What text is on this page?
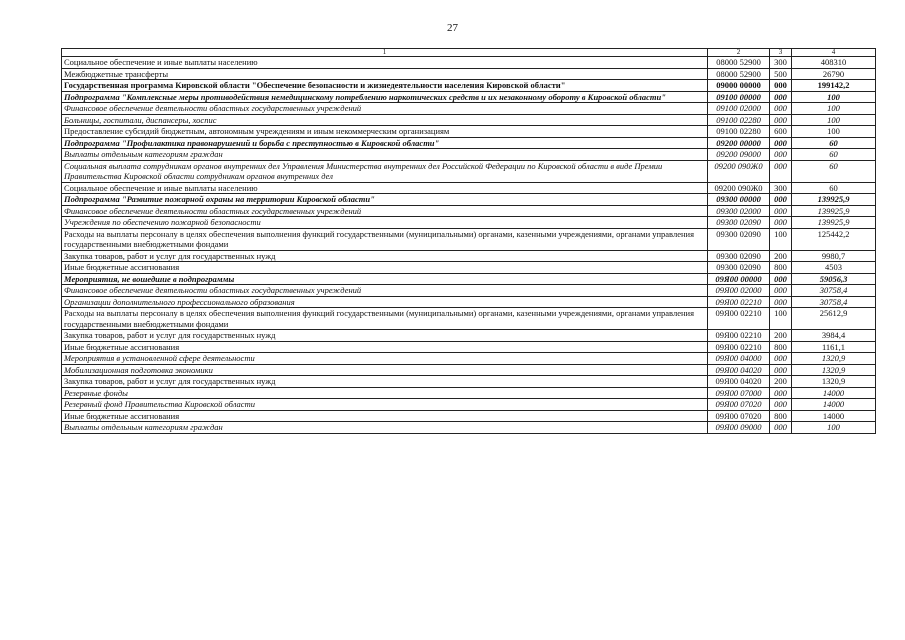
27
1	2	3	4
Социальное обеспечение и иные выплаты населению	08000 52900	300	408310
Межбюджетные трансферты	08000 52900	500	26790
Государственная программа Кировской области "Обеспечение безопасности и жизнедеятельности населения Кировской области"	09000 00000	000	199142,2
Подпрограмма "Комплексные меры противодействия немедицинскому потреблению наркотических средств и их незаконному обороту в Кировской области"	09100 00000	000	100
Финансовое обеспечение деятельности областных государственных учреждений	09100 02000	000	100
Больницы, госпитали, диспансеры, хоспис	09100 02280	000	100
Предоставление субсидий бюджетным, автономным учреждениям и иным некоммерческим организациям	09100 02280	600	100
Подпрограмма "Профилактика правонарушений и борьба с преступностью в Кировской области"	09200 00000	000	60
Выплаты отдельным категориям граждан	09200 09000	000	60
Социальная выплата сотрудникам органов внутренних дел Управления Министерства внутренних дел Российской Федерации по Кировской области в виде Премии Правительства Кировской области сотрудникам органов внутренних дел	09200 090Ж0	000	60
Социальное обеспечение и иные выплаты населению	09200 090Ж0	300	60
Подпрограмма "Развитие пожарной охраны на территории Кировской области"	09300 00000	000	139925,9
Финансовое обеспечение деятельности областных государственных учреждений	09300 02000	000	139925,9
Учреждения по обеспечению пожарной безопасности	09300 02090	000	139925,9
Расходы на выплаты персоналу в целях обеспечения выполнения функций государственными (муниципальными) органами, казенными учреждениями, органами управления государственными внебюджетными фондами	09300 02090	100	125442,2
Закупка товаров, работ и услуг для государственных нужд	09300 02090	200	9980,7
Иные бюджетные ассигнования	09300 02090	800	4503
Мероприятия, не вошедшие в подпрограммы	09Я00 00000	000	59056,3
Финансовое обеспечение деятельности областных государственных учреждений	09Я00 02000	000	30758,4
Организации дополнительного профессионального образования	09Я00 02210	000	30758,4
Расходы на выплаты персоналу в целях обеспечения выполнения функций государственными (муниципальными) органами, казенными учреждениями, органами управления государственными внебюджетными фондами	09Я00 02210	100	25612,9
Закупка товаров, работ и услуг для государственных нужд	09Я00 02210	200	3984,4
Иные бюджетные ассигнования	09Я00 02210	800	1161,1
Мероприятия в установленной сфере деятельности	09Я00 04000	000	1320,9
Мобилизационная подготовка экономики	09Я00 04020	000	1320,9
Закупка товаров, работ и услуг для государственных нужд	09Я00 04020	200	1320,9
Резервные фонды	09Я00 07000	000	14000
Резервный фонд Правительства Кировской области	09Я00 07020	000	14000
Иные бюджетные ассигнования	09Я00 07020	800	14000
Выплаты отдельным категориям граждан	09Я00 09000	000	100
